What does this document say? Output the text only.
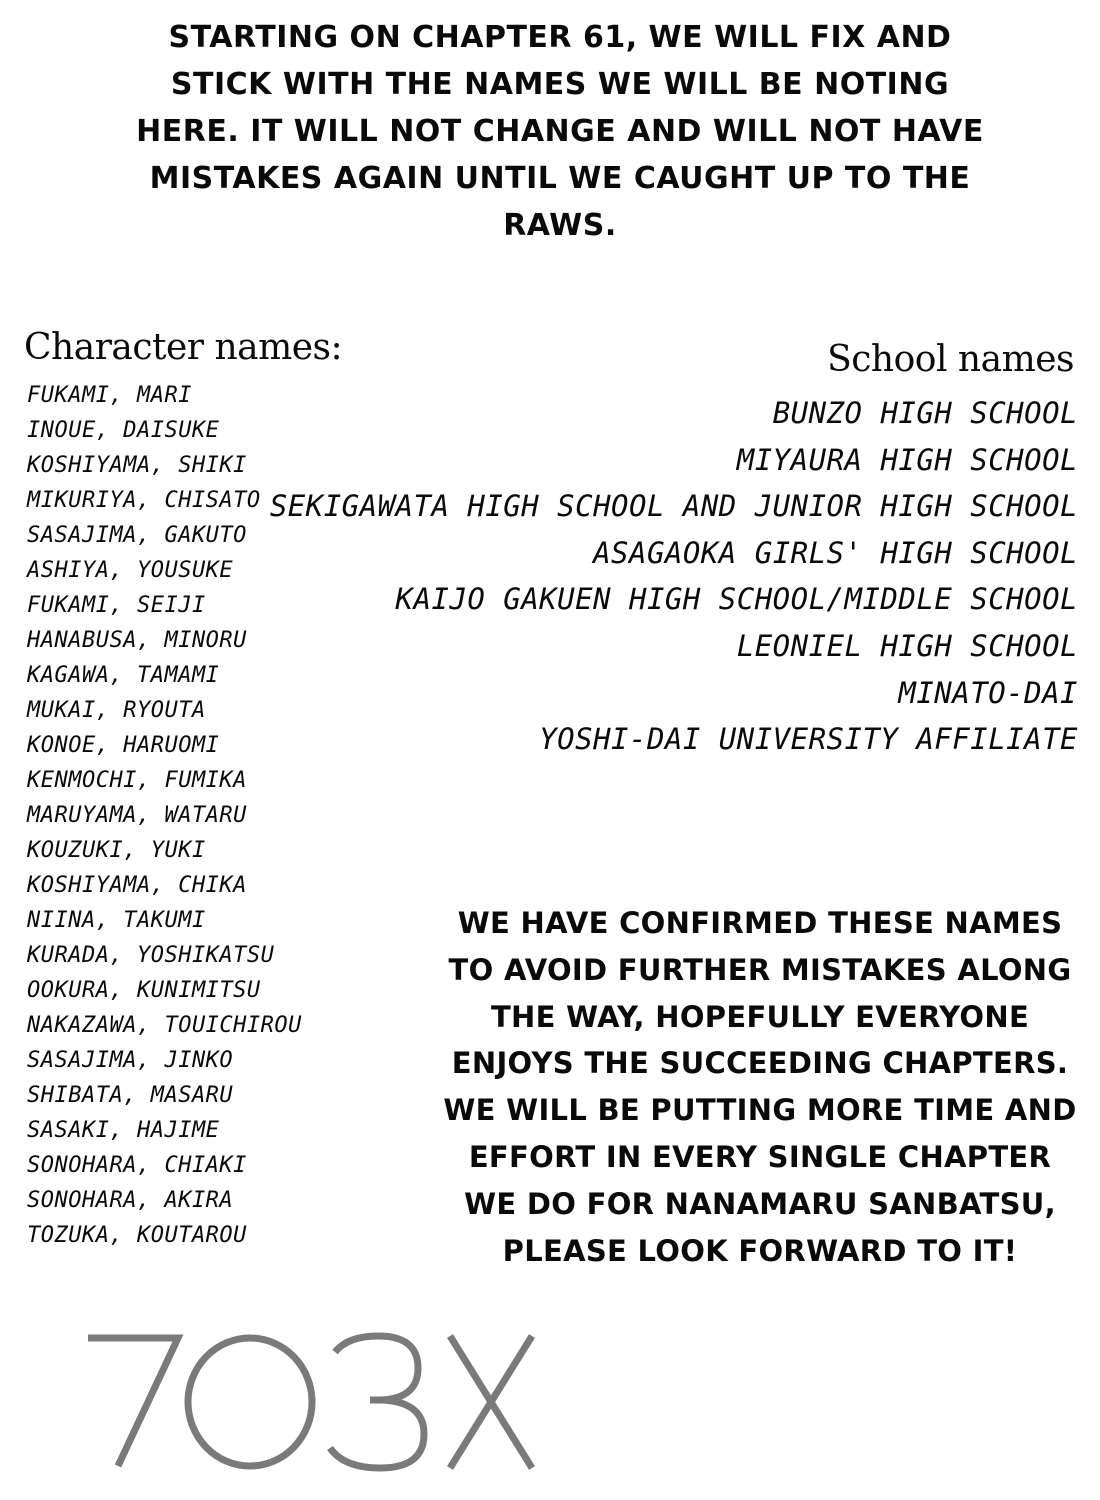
STARTING ON CHAPTER 61, WE WILL FIX AND STICK WITH THE NAMES WE WILL BE NOTING HERE. IT WILL NOT CHANGE AND WILL NOT HAVE MISTAKES AGAIN UNTIL WE CAUGHT UP TO THE RAWS.
Character names:
FUKAMI, MARI
INOUE, DAISUKE
KOSHIYAMA, SHIKI
MIKURIYA, CHISATO
SASAJIMA, GAKUTO
ASHIYA, YOUSUKE
FUKAMI, SEIJI
HANABUSA, MINORU
KAGAWA, TAMAMI
MUKAI, RYOUTA
KONOE, HARUOMI
KENMOCHI, FUMIKA
MARUYAMA, WATARU
KOUZUKI, YUKI
KOSHIYAMA, CHIKA
NIINA, TAKUMI
KURADA, YOSHIKATSU
OOKURA, KUNIMITSU
NAKAZAWA, TOUICHIROU
SASAJIMA, JINKO
SHIBATA, MASARU
SASAKI, HAJIME
SONOHARA, CHIAKI
SONOHARA, AKIRA
TOZUKA, KOUTAROU
School names
BUNZO HIGH SCHOOL
MIYAURA HIGH SCHOOL
SEKIGAWATA HIGH SCHOOL AND JUNIOR HIGH SCHOOL
ASAGAOKA GIRLS' HIGH SCHOOL
KAIJO GAKUEN HIGH SCHOOL/MIDDLE SCHOOL
LEONIEL HIGH SCHOOL
MINATO-DAI
YOSHI-DAI UNIVERSITY AFFILIATE
WE HAVE CONFIRMED THESE NAMES TO AVOID FURTHER MISTAKES ALONG THE WAY, HOPEFULLY EVERYONE ENJOYS THE SUCCEEDING CHAPTERS. WE WILL BE PUTTING MORE TIME AND EFFORT IN EVERY SINGLE CHAPTER WE DO FOR NANAMARU SANBATSU, PLEASE LOOK FORWARD TO IT!
